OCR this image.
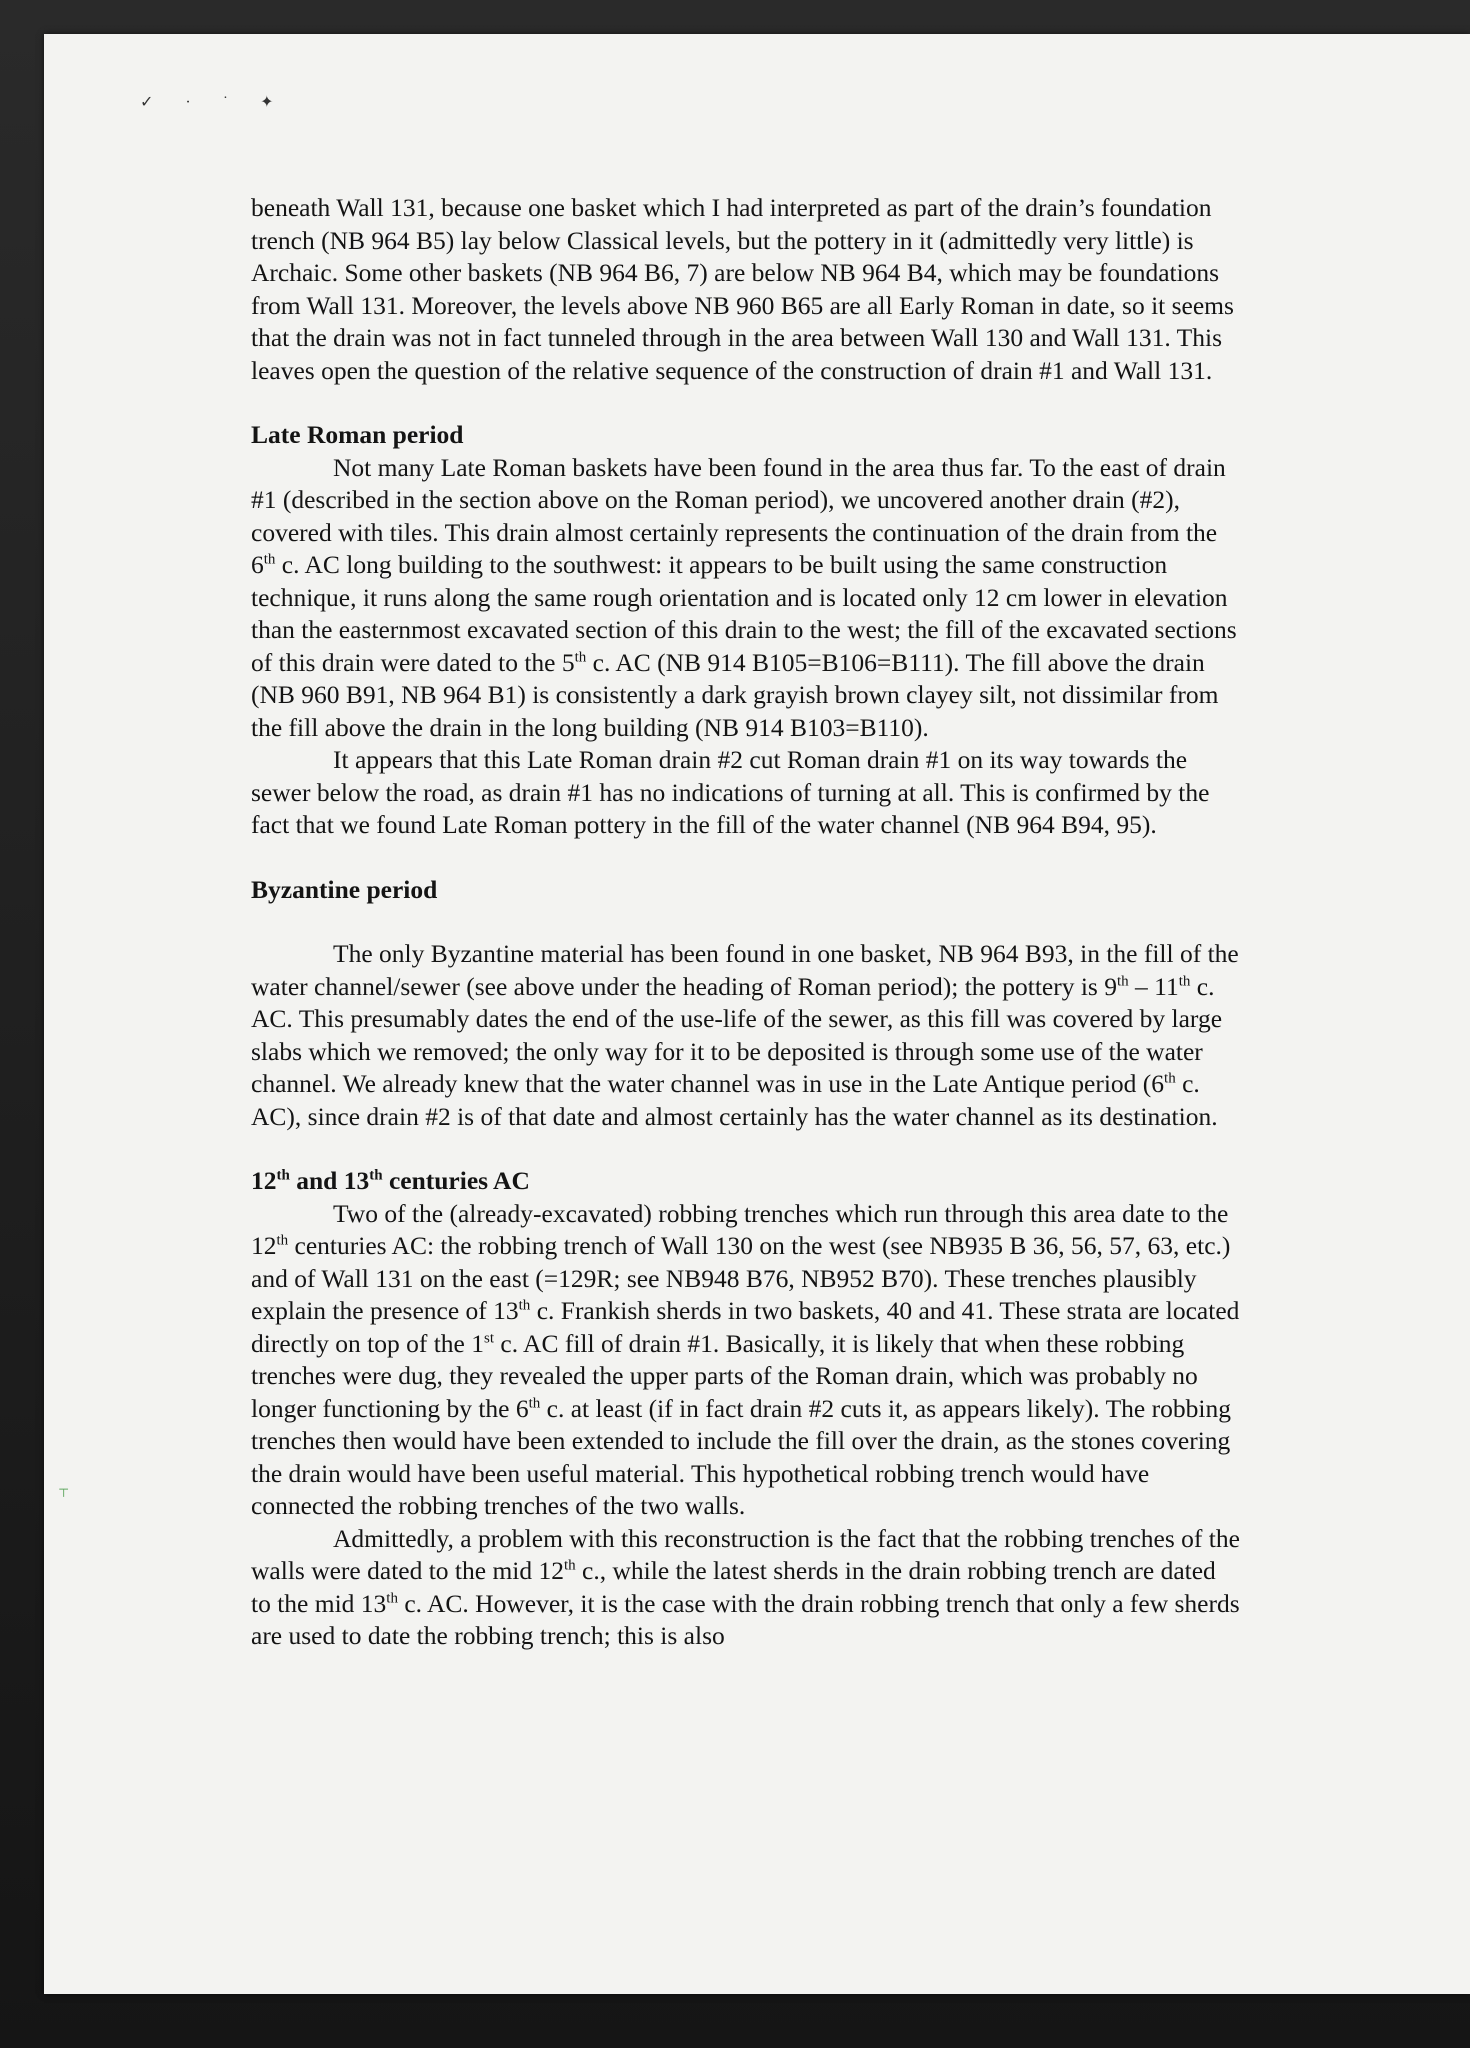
✓ · ˙ ✦
⊤

beneath Wall 131, because one basket which I had interpreted as part of the drain’s foundation trench (NB 964 B5) lay below Classical levels, but the pottery in it (admittedly very little) is Archaic. Some other baskets (NB 964 B6, 7) are below NB 964 B4, which may be foundations from Wall 131. Moreover, the levels above NB 960 B65 are all Early Roman in date, so it seems that the drain was not in fact tunneled through in the area between Wall 130 and Wall 131. This leaves open the question of the relative sequence of the construction of drain #1 and Wall 131.

Late Roman period

Not many Late Roman baskets have been found in the area thus far. To the east of drain #1 (described in the section above on the Roman period), we uncovered another drain (#2), covered with tiles. This drain almost certainly represents the continuation of the drain from the 6th c. AC long building to the southwest: it appears to be built using the same construction technique, it runs along the same rough orientation and is located only 12 cm lower in elevation than the easternmost excavated section of this drain to the west; the fill of the excavated sections of this drain were dated to the 5th c. AC (NB 914 B105=B106=B111). The fill above the drain (NB 960 B91, NB 964 B1) is consistently a dark grayish brown clayey silt, not dissimilar from the fill above the drain in the long building (NB 914 B103=B110).

It appears that this Late Roman drain #2 cut Roman drain #1 on its way towards the sewer below the road, as drain #1 has no indications of turning at all. This is confirmed by the fact that we found Late Roman pottery in the fill of the water channel (NB 964 B94, 95).

Byzantine period

The only Byzantine material has been found in one basket, NB 964 B93, in the fill of the water channel/sewer (see above under the heading of Roman period); the pottery is 9th – 11th c. AC. This presumably dates the end of the use-life of the sewer, as this fill was covered by large slabs which we removed; the only way for it to be deposited is through some use of the water channel. We already knew that the water channel was in use in the Late Antique period (6th c. AC), since drain #2 is of that date and almost certainly has the water channel as its destination.

12th and 13th centuries AC

Two of the (already-excavated) robbing trenches which run through this area date to the 12th centuries AC: the robbing trench of Wall 130 on the west (see NB935 B 36, 56, 57, 63, etc.) and of Wall 131 on the east (=129R; see NB948 B76, NB952 B70). These trenches plausibly explain the presence of 13th c. Frankish sherds in two baskets, 40 and 41. These strata are located directly on top of the 1st c. AC fill of drain #1. Basically, it is likely that when these robbing trenches were dug, they revealed the upper parts of the Roman drain, which was probably no longer functioning by the 6th c. at least (if in fact drain #2 cuts it, as appears likely). The robbing trenches then would have been extended to include the fill over the drain, as the stones covering the drain would have been useful material. This hypothetical robbing trench would have connected the robbing trenches of the two walls.

Admittedly, a problem with this reconstruction is the fact that the robbing trenches of the walls were dated to the mid 12th c., while the latest sherds in the drain robbing trench are dated to the mid 13th c. AC. However, it is the case with the drain robbing trench that only a few sherds are used to date the robbing trench; this is also
